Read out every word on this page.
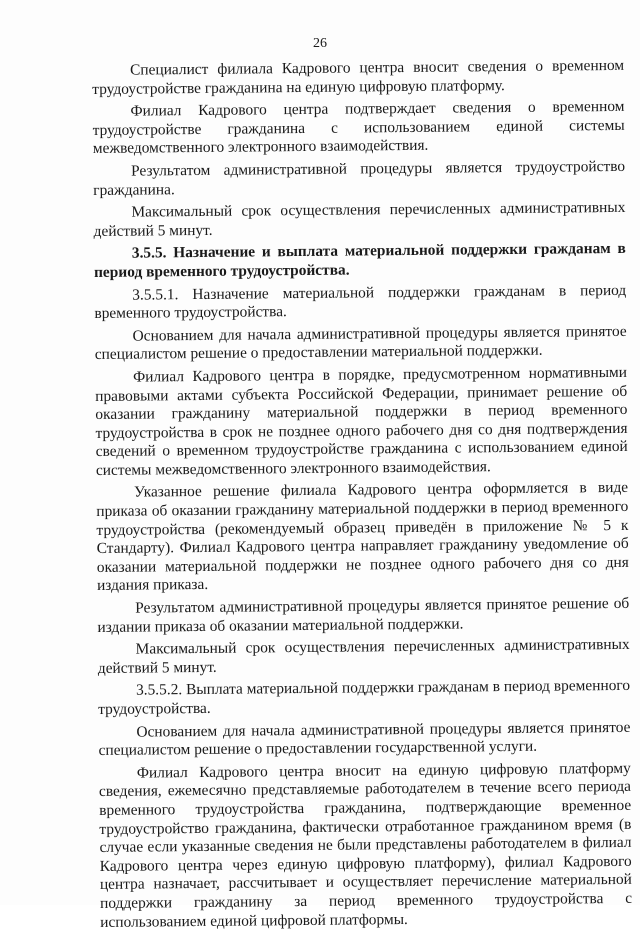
26

Специалист филиала Кадрового центра вносит сведения о временном трудоустройстве гражданина на единую цифровую платформу.

Филиал Кадрового центра подтверждает сведения о временном трудоустройстве гражданина с использованием единой системы межведомственного электронного взаимодействия.

Результатом административной процедуры является трудоустройство гражданина.

Максимальный срок осуществления перечисленных административных действий 5 минут.

3.5.5. Назначение и выплата материальной поддержки гражданам в период временного трудоустройства.

3.5.5.1. Назначение материальной поддержки гражданам в период временного трудоустройства.

Основанием для начала административной процедуры является принятое специалистом решение о предоставлении материальной поддержки.

Филиал Кадрового центра в порядке, предусмотренном нормативными правовыми актами субъекта Российской Федерации, принимает решение об оказании гражданину материальной поддержки в период временного трудоустройства в срок не позднее одного рабочего дня со дня подтверждения сведений о временном трудоустройстве гражданина с использованием единой системы межведомственного электронного взаимодействия.

Указанное решение филиала Кадрового центра оформляется в виде приказа об оказании гражданину материальной поддержки в период временного трудоустройства (рекомендуемый образец приведён в приложение № 5 к Стандарту). Филиал Кадрового центра направляет гражданину уведомление об оказании материальной поддержки не позднее одного рабочего дня со дня издания приказа.

Результатом административной процедуры является принятое решение об издании приказа об оказании материальной поддержки.

Максимальный срок осуществления перечисленных административных действий 5 минут.

3.5.5.2. Выплата материальной поддержки гражданам в период временного трудоустройства.

Основанием для начала административной процедуры является принятое специалистом решение о предоставлении государственной услуги.

Филиал Кадрового центра вносит на единую цифровую платформу сведения, ежемесячно представляемые работодателем в течение всего периода временного трудоустройства гражданина, подтверждающие временное трудоустройство гражданина, фактически отработанное гражданином время (в случае если указанные сведения не были представлены работодателем в филиал Кадрового центра через единую цифровую платформу), филиал Кадрового центра назначает, рассчитывает и осуществляет перечисление материальной поддержки гражданину за период временного трудоустройства с использованием единой цифровой платформы.
